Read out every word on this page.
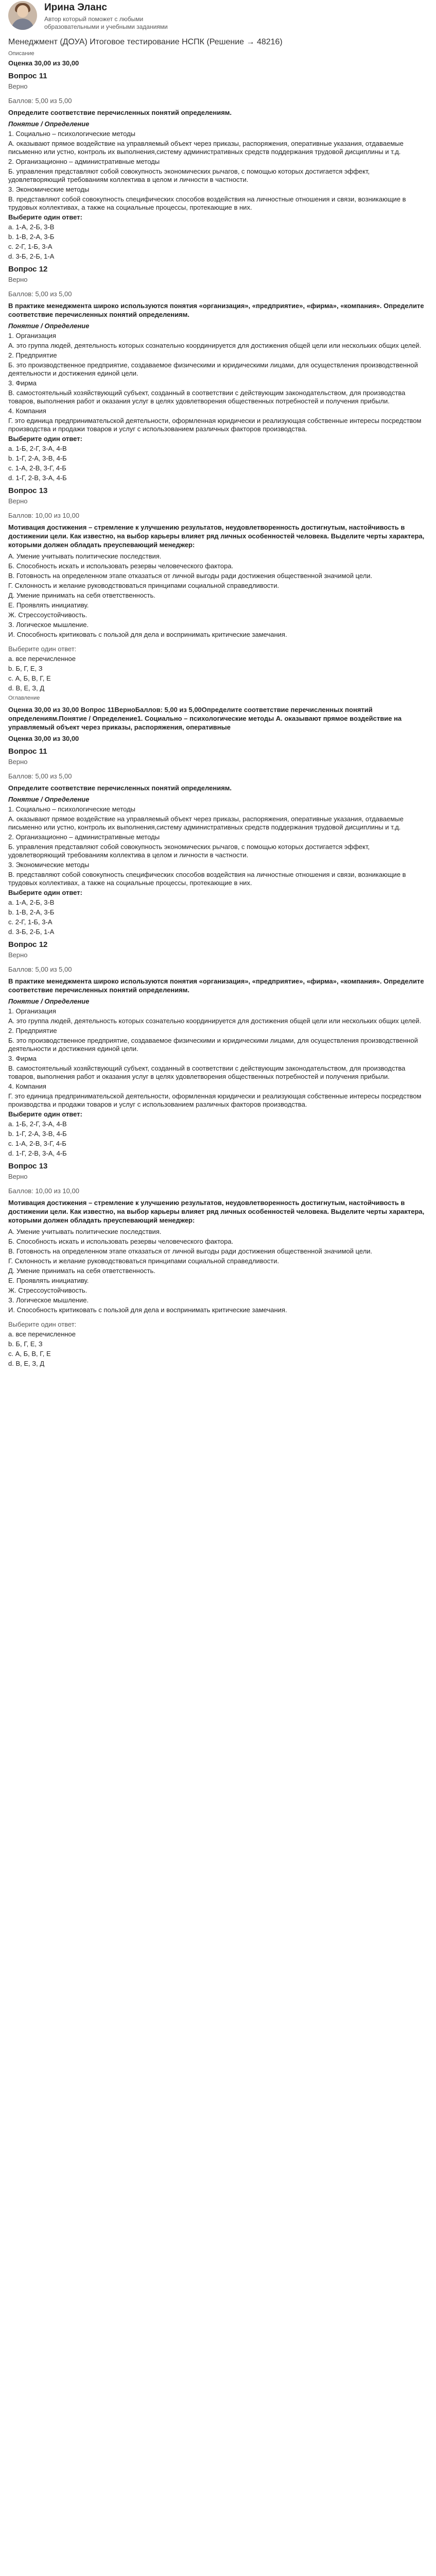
Ирина Эланс
Автор который поможет с любыми образовательными и учебными заданиями
Менеджмент (ДОУА) Итоговое тестирование НСПК (Решение → 48216)
Описание
Оценка 30,00 из 30,00
Вопрос 11
Верно
Баллов: 5,00 из 5,00
Определите соответствие перечисленных понятий определениям.
Понятие / Определение
1. Социально – психологические методы
А. оказывают прямое воздействие на управляемый объект через приказы, распоряжения, оперативные указания, отдаваемые письменно или устно, контроль их выполнения,систему административных средств поддержания трудовой дисциплины и т.д.
2. Организационно – административные методы
Б. управления представляют собой совокупность экономических рычагов, с помощью которых достигается эффект, удовлетворяющий требованиям коллектива в целом и личности в частности.
3. Экономические методы
В. представляют собой совокупность специфических способов воздействия на личностные отношения и связи, возникающие в трудовых коллективах, а также на социальные процессы, протекающие в них.
Выберите один ответ:
a. 1-А, 2-Б, 3-В
b. 1-В, 2-А, 3-Б
c. 2-Г, 1-Б, 3-А
d. 3-Б, 2-Б, 1-А
Вопрос 12
Верно
Баллов: 5,00 из 5,00
В практике менеджмента широко используются понятия «организация», «предприятие», «фирма», «компания». Определите соответствие перечисленных понятий определениям.
Понятие / Определение
1. Организация
А. это группа людей, деятельность которых сознательно координируется для достижения общей цели или нескольких общих целей.
2. Предприятие
Б. это производственное предприятие, создаваемое физическими и юридическими лицами, для осуществления производственной деятельности и достижения единой цели.
3. Фирма
В. самостоятельный хозяйствующий субъект, созданный в соответствии с действующим законодательством, для производства товаров, выполнения работ и оказания услуг в целях удовлетворения общественных потребностей и получения прибыли.
4. Компания
Г. это единица предпринимательской деятельности, оформленная юридически и реализующая собственные интересы посредством производства и продажи товаров и услуг с использованием различных факторов производства.
Выберите один ответ:
a. 1-Б, 2-Г, 3-А, 4-В
b. 1-Г, 2-А, 3-В, 4-Б
c. 1-А, 2-В, 3-Г, 4-Б
d. 1-Г, 2-В, 3-А, 4-Б
Вопрос 13
Верно
Баллов: 10,00 из 10,00
Мотивация достижения – стремление к улучшению результатов, неудовлетворенность достигнутым, настойчивость в достижении цели. Как известно, на выбор карьеры влияет ряд личных особенностей человека. Выделите черты характера, которыми должен обладать преуспевающий менеджер:
А. Умение учитывать политические последствия.
Б. Способность искать и использовать резервы человеческого фактора.
В. Готовность на определенном этапе отказаться от личной выгоды ради достижения общественной значимой цели.
Г. Склонность и желание руководствоваться принципами социальной справедливости.
Д. Умение принимать на себя ответственность.
Е. Проявлять инициативу.
Ж. Стрессоустойчивость.
З. Логическое мышление.
И. Способность критиковать с пользой для дела и воспринимать критические замечания.
Выберите один ответ:
a. все перечисленное
b. Б, Г, Е, З
c. А, Б, В, Г, Е
d. В, Е, З, Д
Оглавление
Оценка 30,00 из 30,00 Вопрос 11ВерноБаллов: 5,00 из 5,00Определите соответствие перечисленных понятий определениям.Понятие / Определение1. Социально – психологические методы А. оказывают прямое воздействие на управляемый объект через приказы, распоряжения, оперативные
Оценка 30,00 из 30,00
Вопрос 11
Верно
Баллов: 5,00 из 5,00
Определите соответствие перечисленных понятий определениям.
Понятие / Определение
1. Социально – психологические методы
А. оказывают прямое воздействие на управляемый объект через приказы, распоряжения, оперативные указания, отдаваемые письменно или устно, контроль их выполнения,систему административных средств поддержания трудовой дисциплины и т.д.
2. Организационно – административные методы
Б. управления представляют собой совокупность экономических рычагов, с помощью которых достигается эффект, удовлетворяющий требованиям коллектива в целом и личности в частности.
3. Экономические методы
В. представляют собой совокупность специфических способов воздействия на личностные отношения и связи, возникающие в трудовых коллективах, а также на социальные процессы, протекающие в них.
Выберите один ответ:
a. 1-А, 2-Б, 3-В
b. 1-В, 2-А, 3-Б
c. 2-Г, 1-Б, 3-А
d. 3-Б, 2-Б, 1-А
Вопрос 12
Верно
Баллов: 5,00 из 5,00
В практике менеджмента широко используются понятия «организация», «предприятие», «фирма», «компания». Определите соответствие перечисленных понятий определениям.
Понятие / Определение
1. Организация
А. это группа людей, деятельность которых сознательно координируется для достижения общей цели или нескольких общих целей.
2. Предприятие
Б. это производственное предприятие, создаваемое физическими и юридическими лицами, для осуществления производственной деятельности и достижения единой цели.
3. Фирма
В. самостоятельный хозяйствующий субъект, созданный в соответствии с действующим законодательством, для производства товаров, выполнения работ и оказания услуг в целях удовлетворения общественных потребностей и получения прибыли.
4. Компания
Г. это единица предпринимательской деятельности, оформленная юридически и реализующая собственные интересы посредством производства и продажи товаров и услуг с использованием различных факторов производства.
Выберите один ответ:
a. 1-Б, 2-Г, 3-А, 4-В
b. 1-Г, 2-А, 3-В, 4-Б
c. 1-А, 2-В, 3-Г, 4-Б
d. 1-Г, 2-В, 3-А, 4-Б
Вопрос 13
Верно
Баллов: 10,00 из 10,00
Мотивация достижения – стремление к улучшению результатов, неудовлетворенность достигнутым, настойчивость в достижении цели. Как известно, на выбор карьеры влияет ряд личных особенностей человека. Выделите черты характера, которыми должен обладать преуспевающий менеджер:
А. Умение учитывать политические последствия.
Б. Способность искать и использовать резервы человеческого фактора.
В. Готовность на определенном этапе отказаться от личной выгоды ради достижения общественной значимой цели.
Г. Склонность и желание руководствоваться принципами социальной справедливости.
Д. Умение принимать на себя ответственность.
Е. Проявлять инициативу.
Ж. Стрессоустойчивость.
З. Логическое мышление.
И. Способность критиковать с пользой для дела и воспринимать критические замечания.
Выберите один ответ:
a. все перечисленное
b. Б, Г, Е, З
c. А, Б, В, Г, Е
d. В, Е, З, Д
